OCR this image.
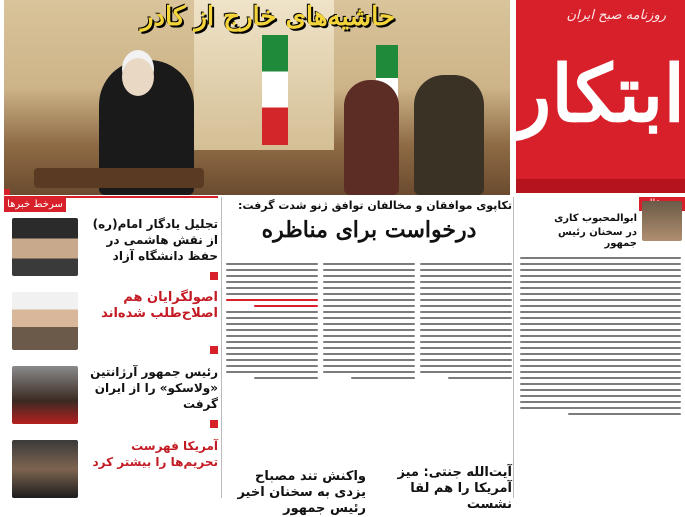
روزنامه صبح ایران
ابتکار
حاشیه‌های خارج از کادر
سرخط خبرها
تجلیل یادگار امام(ره) از نقش هاشمی در حفظ دانشگاه آزاد
اصولگرایان هم اصلاح‌طلب شده‌اند
رئیس جمهور آرژانتین «ولاسکو» را از ایران گرفت
آمریکا فهرست تحریم‌ها را بیشتر کرد
تکاپوی موافقان و مخالفان توافق ژنو شدت گرفت:
درخواست برای مناظره
آیت‌الله جنتی: میز آمریکا را هم لقا نشست
واکنش تند مصباح یزدی به سخنان اخیر رئیس جمهور
ابوالمحبوب کاری
در سخنان رئیس جمهور
